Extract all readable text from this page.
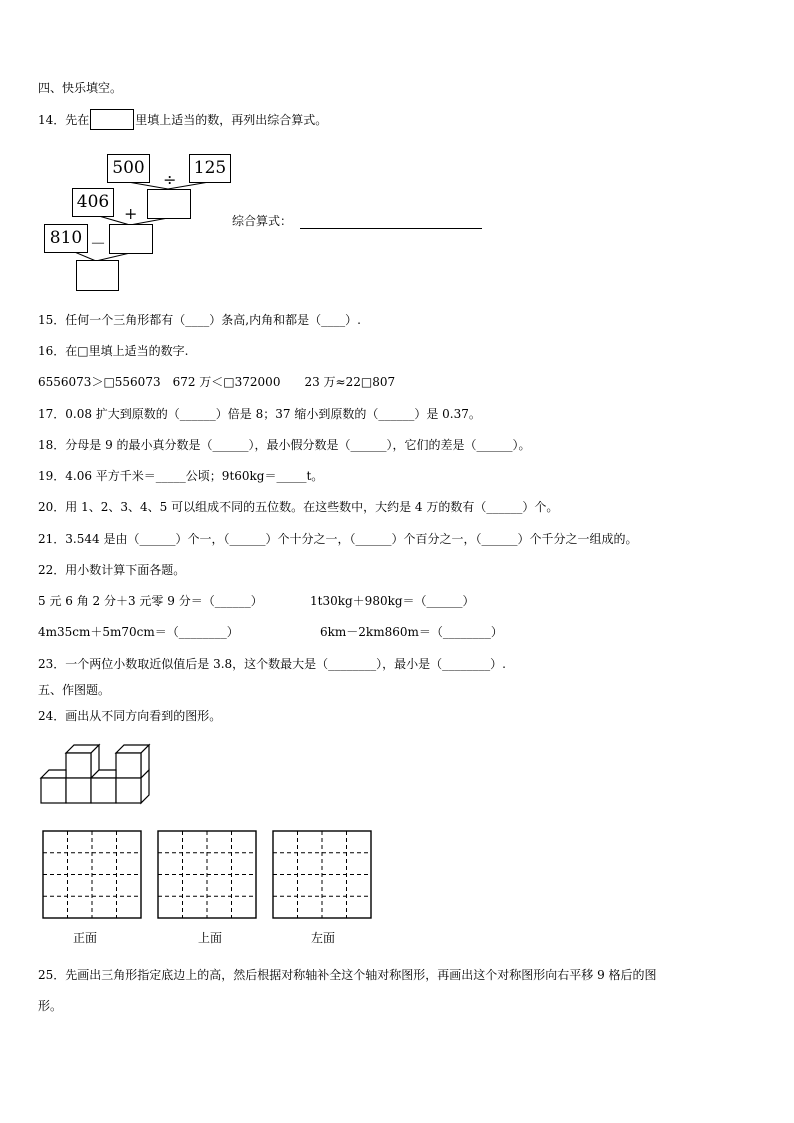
四、快乐填空。
14．先在	里填上适当的数，再列出综合算式。
500	125
÷
406
+
810 －
综合算式：
15．任何一个三角形都有（____）条高,内角和都是（____）.
16．在□里填上适当的数字.
6556073＞□556073　672 万＜□372000　　23 万≈22□807
17．0.08 扩大到原数的（______）倍是 8；37 缩小到原数的（______）是 0.37。
18．分母是 9 的最小真分数是（______），最小假分数是（______），它们的差是（______）。
19．4.06 平方千米＝_____公顷；9t60kg＝_____t。
20．用 1、2、3、4、5 可以组成不同的五位数。在这些数中，大约是 4 万的数有（______）个。
21．3.544 是由（______）个一，（______）个十分之一，（______）个百分之一，（______）个千分之一组成的。
22．用小数计算下面各题。
5 元 6 角 2 分＋3 元零 9 分＝（______）	1t30kg＋980kg＝（______）
4m35cm＋5m70cm＝（________）	6km－2km860m＝（________）
23．一个两位小数取近似值后是 3.8，这个数最大是（________），最小是（________）.
五、作图题。
24．画出从不同方向看到的图形。
正面	上面	左面
25．先画出三角形指定底边上的高，然后根据对称轴补全这个轴对称图形，再画出这个对称图形向右平移 9 格后的图
形。
